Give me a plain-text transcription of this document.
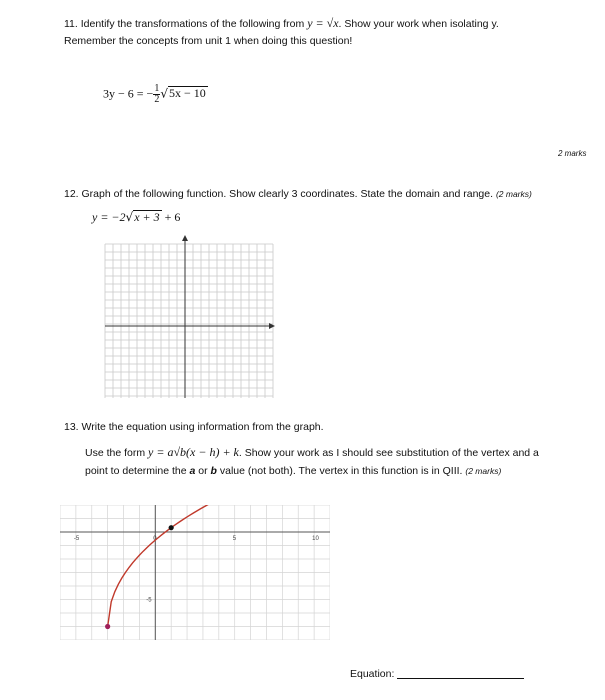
11. Identify the transformations of the following from y = √x. Show your work when isolating y.
Remember the concepts from unit 1 when doing this question!
3y − 6 = − $\frac{1}{2} √5x - 10$
2 marks
12. Graph of the following function. Show clearly 3 coordinates. State the domain and range. (2 marks)
y = −2√x + 3 + 6
13. Write the equation using information from the graph.
Use the form y = a√b(x − h) + k. Show your work as I should see substitution of the vertex and a
point to determine the a or b value (not both). The vertex in this function is in QIII. (2 marks)
-5	0	5	10
-5
Equation:
